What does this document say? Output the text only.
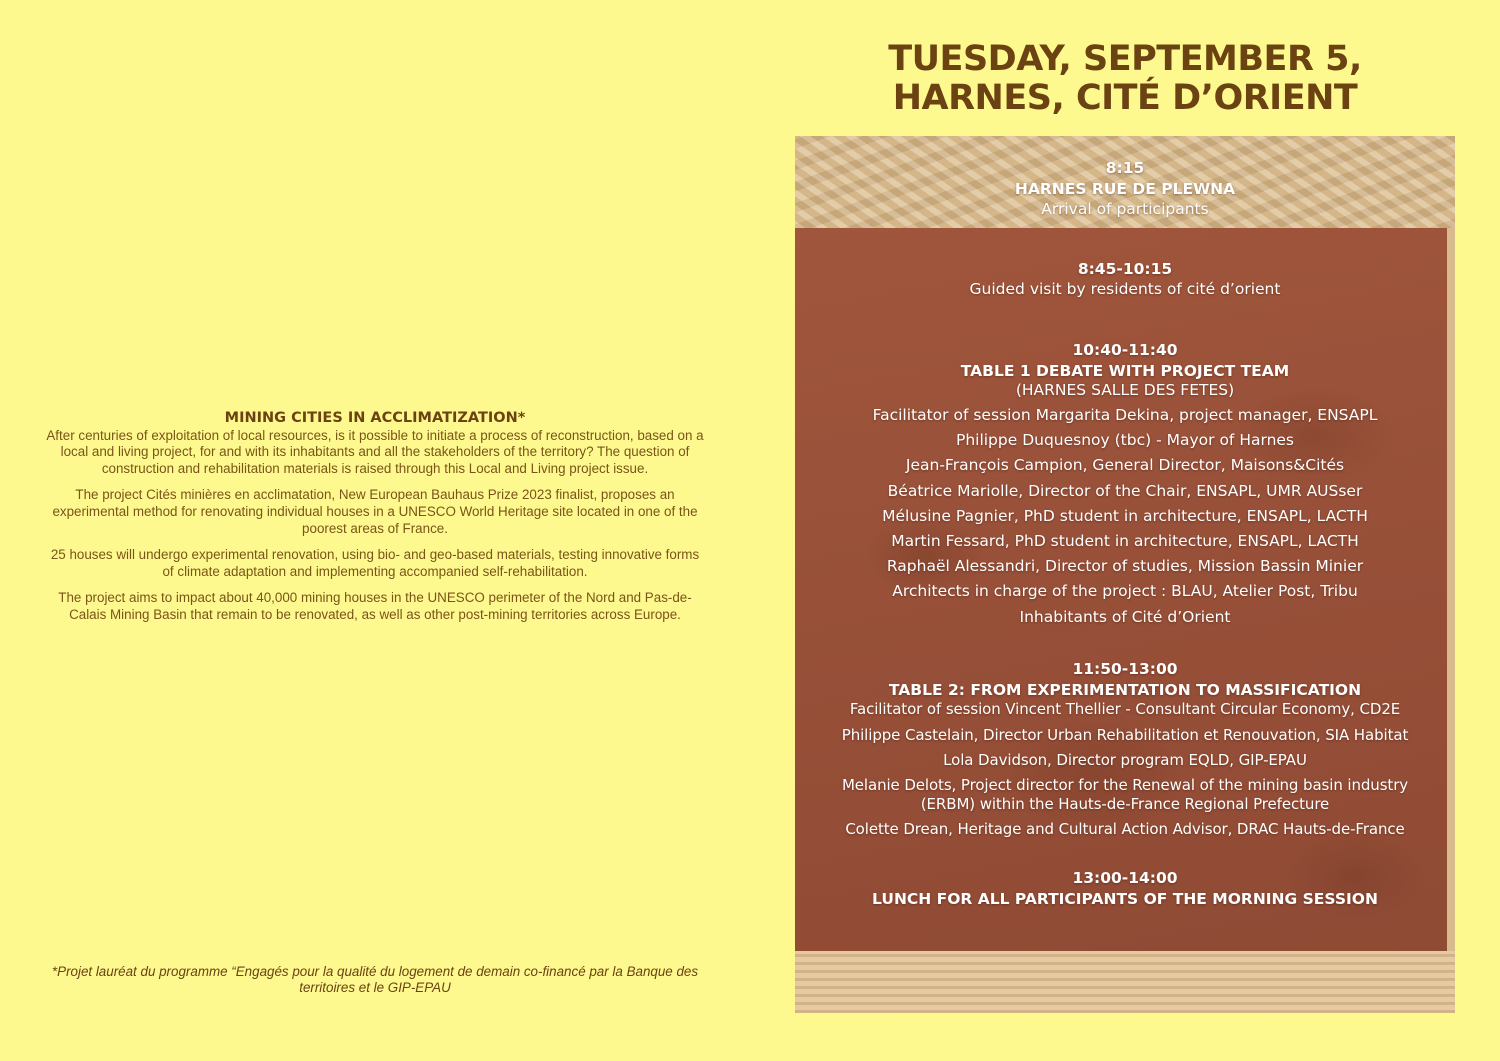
TUESDAY, SEPTEMBER 5,
HARNES, CITÉ D’ORIENT
MINING CITIES IN ACCLIMATIZATION*

After centuries of exploitation of local resources, is it possible to initiate a process of reconstruction, based on a local and living project, for and with its inhabitants and all the stakeholders of the territory? The question of construction and rehabilitation materials is raised through this Local and Living project issue.

The project Cités minières en acclimatation, New European Bauhaus Prize 2023 finalist, proposes an experimental method for renovating individual houses in a UNESCO World Heritage site located in one of the poorest areas of France.

25 houses will undergo experimental renovation, using bio- and geo-based materials, testing innovative forms of climate adaptation and implementing accompanied self-rehabilitation.

The project aims to impact about 40,000 mining houses in the UNESCO perimeter of the Nord and Pas-de-Calais Mining Basin that remain to be renovated, as well as other post-mining territories across Europe.

*Projet lauréat du programme “Engagés pour la qualité du logement de demain co-financé par la Banque des territoires et le GIP-EPAU
8:15
HARNES RUE DE PLEWNA
Arrival of participants
8:45-10:15
Guided visit by residents of cité d’orient
10:40-11:40
TABLE 1 DEBATE WITH PROJECT TEAM
(HARNES SALLE DES FETES)
Facilitator of session Margarita Dekina, project manager, ENSAPL
Philippe Duquesnoy (tbc) - Mayor of Harnes
Jean-François Campion, General Director, Maisons&Cités
Béatrice Mariolle, Director of the Chair, ENSAPL, UMR AUSser
Mélusine Pagnier, PhD student in architecture, ENSAPL, LACTH
Martin Fessard, PhD student in architecture, ENSAPL, LACTH
Raphaël Alessandri, Director of studies, Mission Bassin Minier
Architects in charge of the project : BLAU, Atelier Post, Tribu
Inhabitants of Cité d’Orient
11:50-13:00
TABLE 2: FROM EXPERIMENTATION TO MASSIFICATION
Facilitator of session Vincent Thellier - Consultant Circular Economy, CD2E
Philippe Castelain, Director Urban Rehabilitation et Renouvation, SIA Habitat
Lola Davidson, Director program EQLD, GIP-EPAU
Melanie Delots, Project director for the Renewal of the mining basin industry
(ERBM) within the Hauts-de-France Regional Prefecture
Colette Drean, Heritage and Cultural Action Advisor, DRAC Hauts-de-France
13:00-14:00
LUNCH FOR ALL PARTICIPANTS OF THE MORNING SESSION
